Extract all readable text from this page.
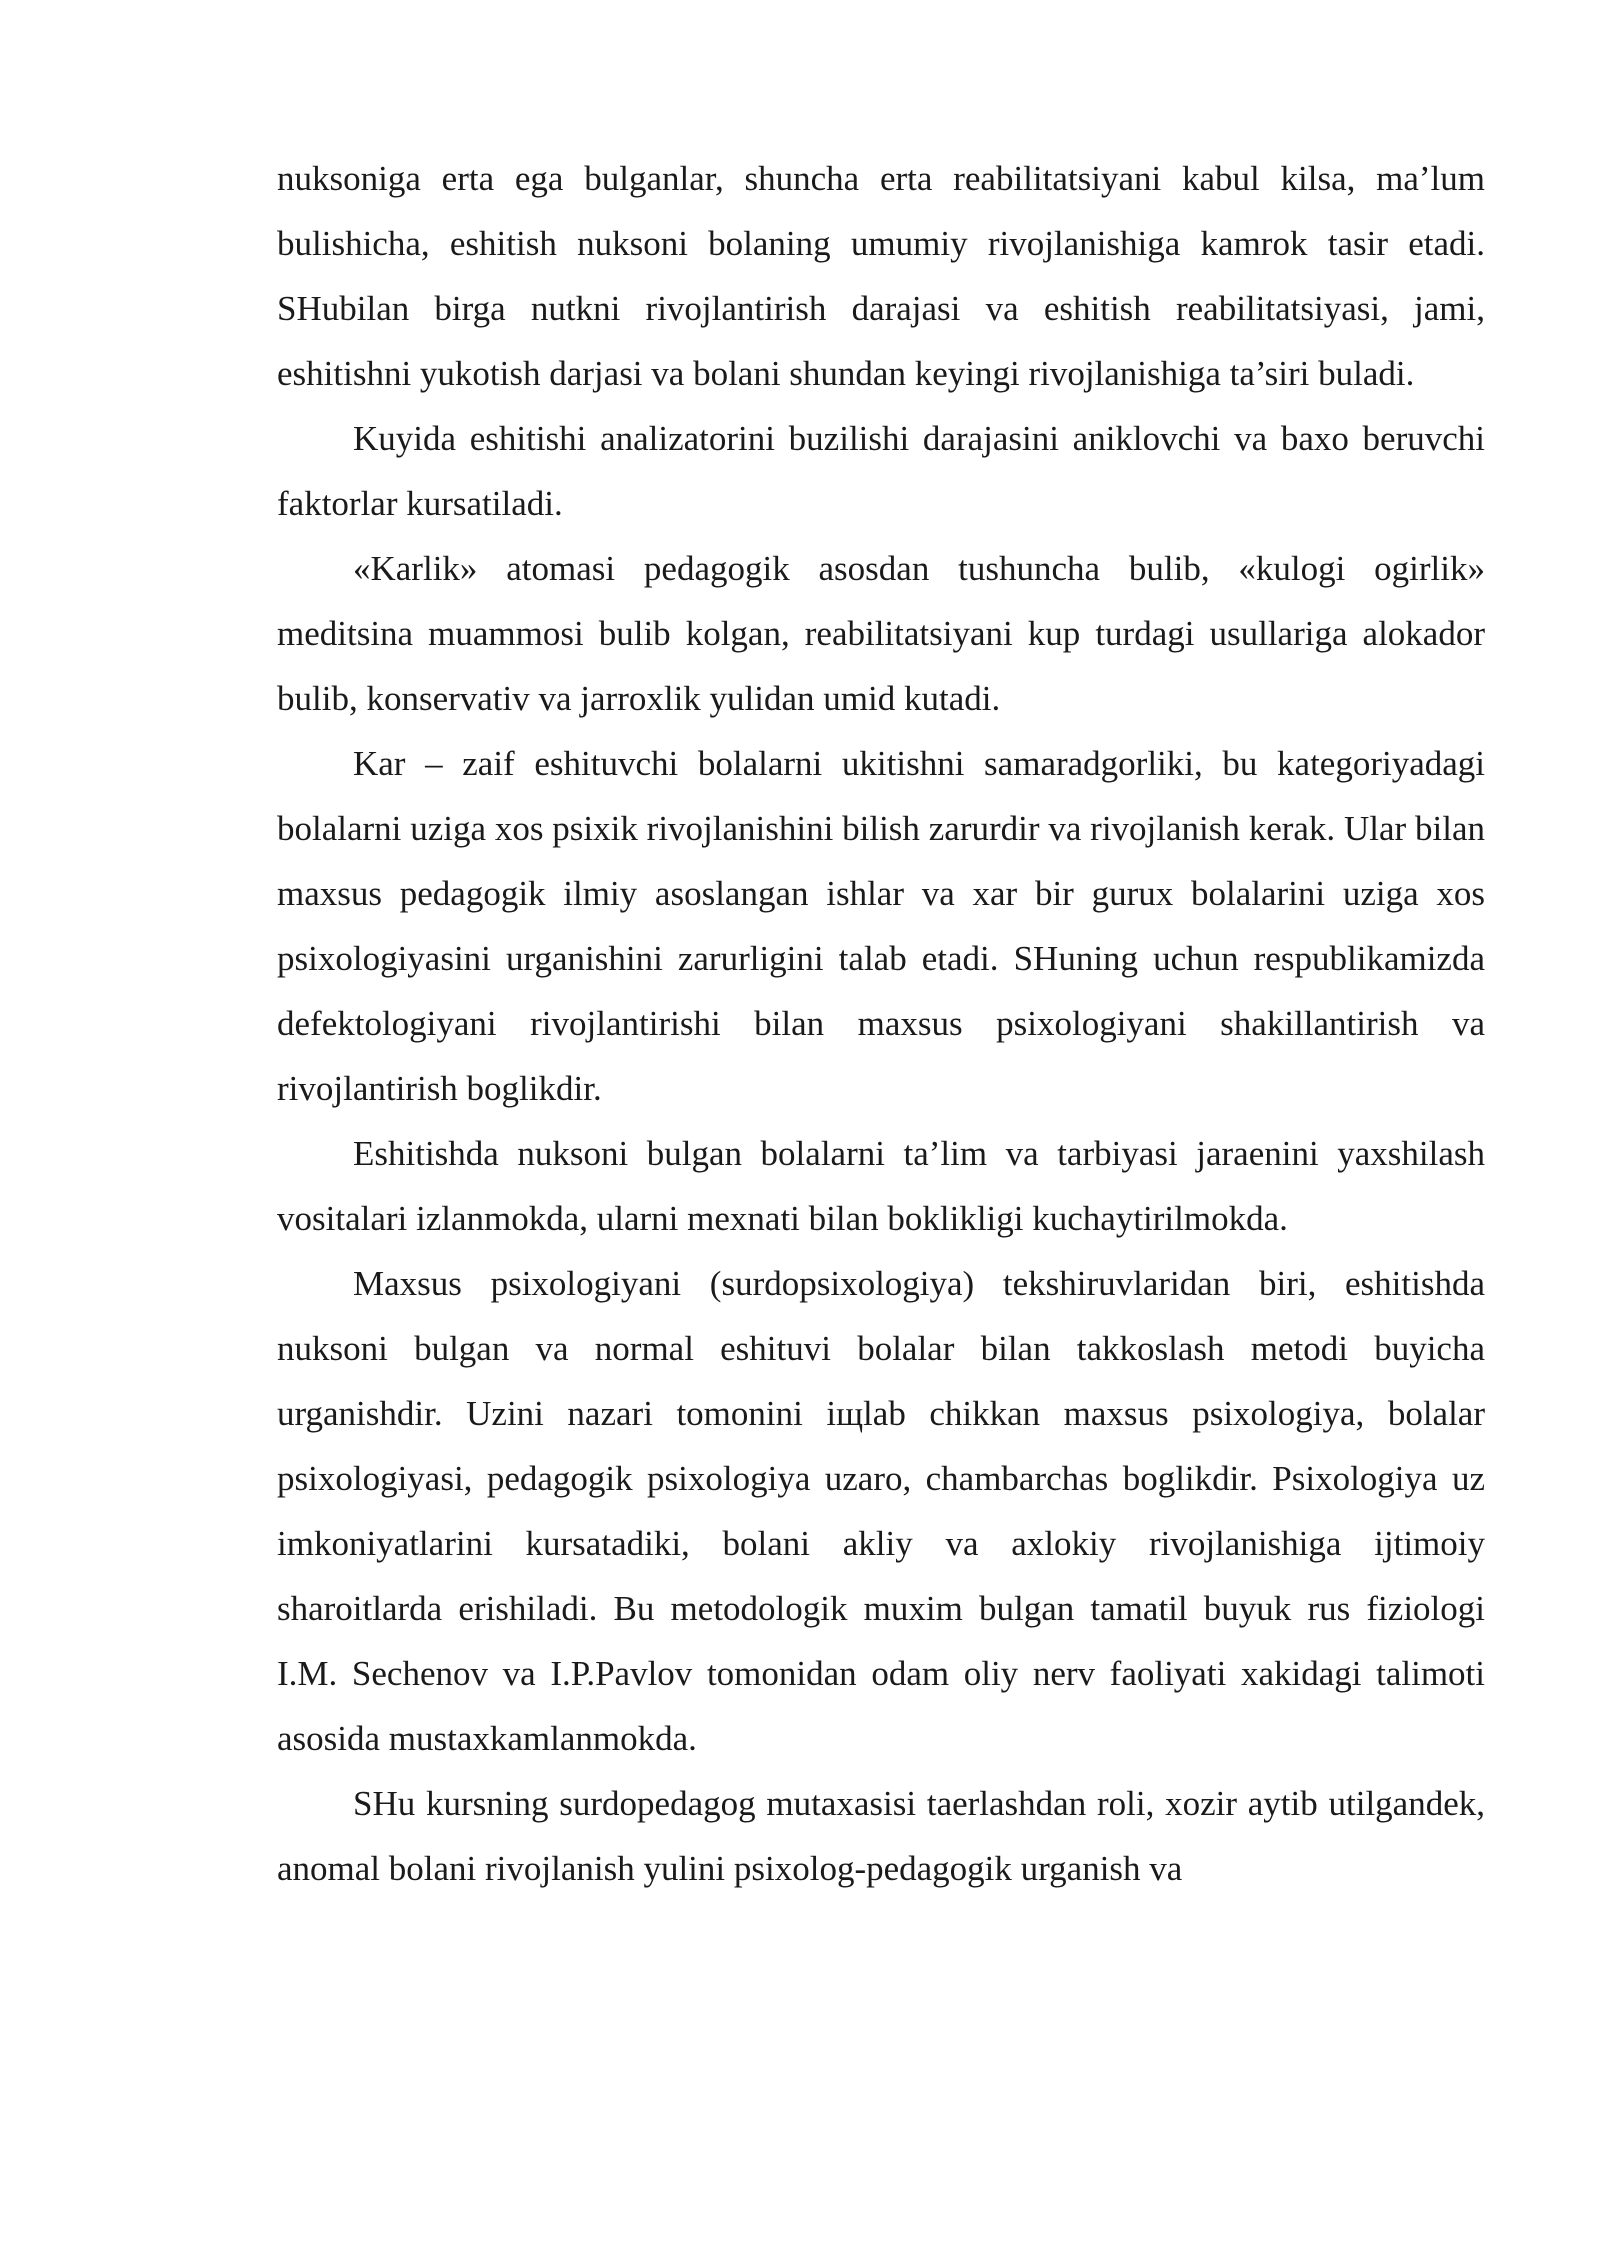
nuksoniga erta ega bulganlar, shuncha erta reabilitatsiyani kabul kilsa, ma’lum bulishicha, eshitish nuksoni bolaning umumiy rivojlanishiga kamrok tasir etadi. SHubilan birga nutkni rivojlantirish darajasi va eshitish reabilitatsiyasi, jami, eshitishni yukotish darjasi va bolani shundan keyingi rivojlanishiga ta’siri buladi.

Kuyida eshitishi analizatorini buzilishi darajasini aniklovchi va baxo beruvchi faktorlar kursatiladi.

«Karlik» atomasi pedagogik asosdan tushuncha bulib, «kulogi ogirlik» meditsina muammosi bulib kolgan, reabilitatsiyani kup turdagi usullariga alokador bulib, konservativ va jarroxlik yulidan umid kutadi.

Kar – zaif eshituvchi bolalarni ukitishni samaradgorliki, bu kategoriyadagi bolalarni uziga xos psixik rivojlanishini bilish zarurdir va rivojlanish kerak. Ular bilan maxsus pedagogik ilmiy asoslangan ishlar va xar bir gurux bolalarini uziga xos psixologiyasini urganishini zarurligini talab etadi. SHuning uchun respublikamizda defektologiyani rivojlantirishi bilan maxsus psixologiyani shakillantirish va rivojlantirish boglikdir.

Eshitishda nuksoni bulgan bolalarni ta’lim va tarbiyasi jaraenini yaxshilash vositalari izlanmokda, ularni mexnati bilan boklikligi kuchaytirilmokda.

Maxsus psixologiyani (surdopsixologiya) tekshiruvlaridan biri, eshitishda nuksoni bulgan va normal eshituvi bolalar bilan takkoslash metodi buyicha urganishdir. Uzini nazari tomonini iщlab chikkan maxsus psixologiya, bolalar psixologiyasi, pedagogik psixologiya uzaro, chambarchas boglikdir. Psixologiya uz imkoniyatlarini kursatadiki, bolani akliy va axlokiy rivojlanishiga ijtimoiy sharoitlarda erishiladi. Bu metodologik muxim bulgan tamatil buyuk rus fiziologi I.M. Sechenov va I.P.Pavlov tomonidan odam oliy nerv faoliyati xakidagi talimoti asosida mustaxkamlanmokda.

SHu kursning surdopedagog mutaxasisi taerlashdan roli, xozir aytib utilgandek, anomal bolani rivojlanish yulini psixolog-pedagogik urganish va
